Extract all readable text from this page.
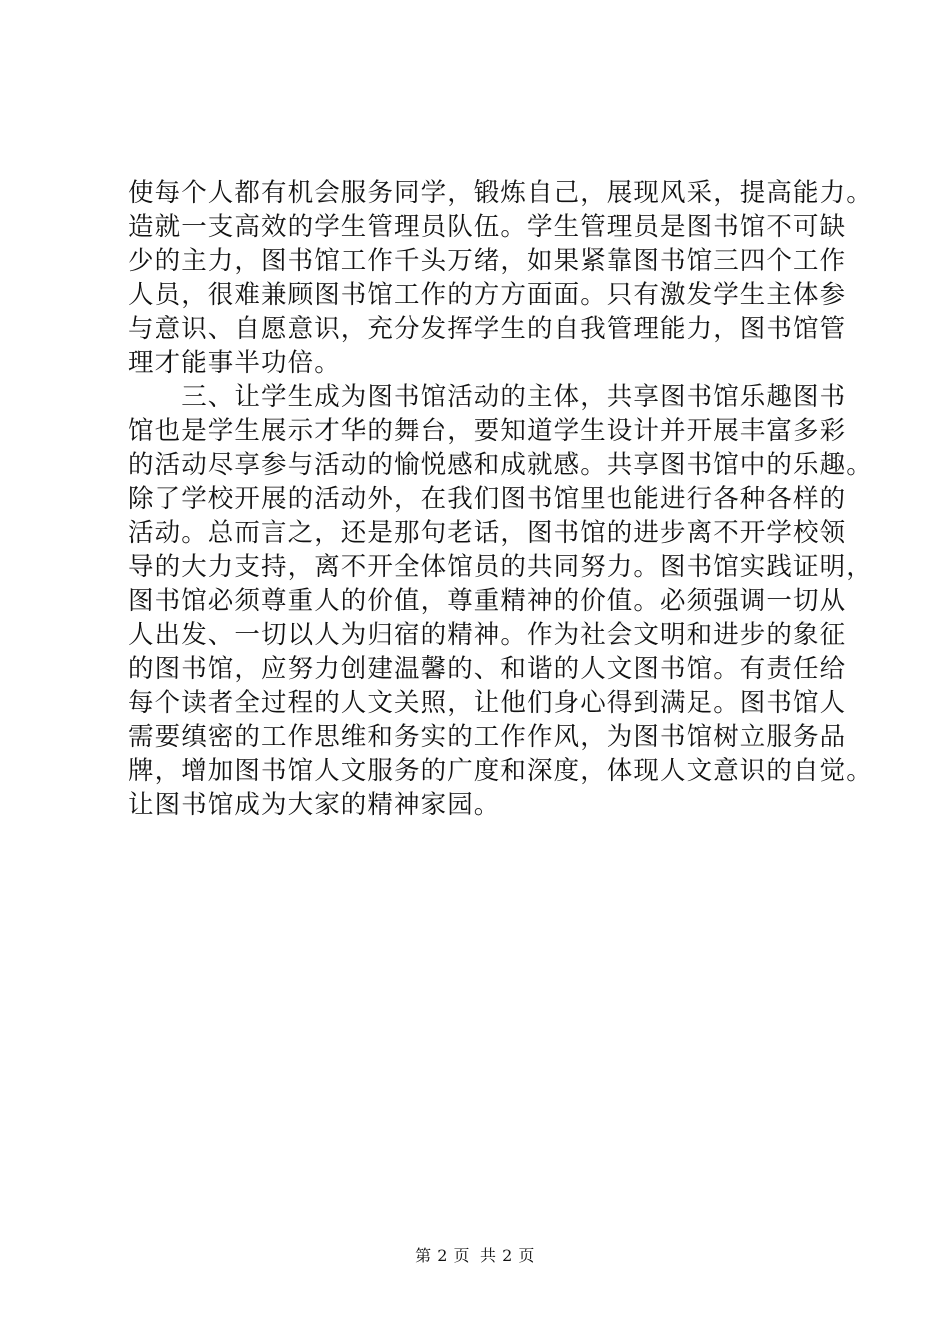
使每个人都有机会服务同学，锻炼自己，展现风采，提高能力。
造就一支高效的学生管理员队伍。学生管理员是图书馆不可缺
少的主力，图书馆工作千头万绪，如果紧靠图书馆三四个工作
人员，很难兼顾图书馆工作的方方面面。只有激发学生主体参
与意识、自愿意识，充分发挥学生的自我管理能力，图书馆管
理才能事半功倍。
　　三、让学生成为图书馆活动的主体，共享图书馆乐趣图书
馆也是学生展示才华的舞台，要知道学生设计并开展丰富多彩
的活动尽享参与活动的愉悦感和成就感。共享图书馆中的乐趣。
除了学校开展的活动外，在我们图书馆里也能进行各种各样的
活动。总而言之，还是那句老话，图书馆的进步离不开学校领
导的大力支持，离不开全体馆员的共同努力。图书馆实践证明，
图书馆必须尊重人的价值，尊重精神的价值。必须强调一切从
人出发、一切以人为归宿的精神。作为社会文明和进步的象征
的图书馆，应努力创建温馨的、和谐的人文图书馆。有责任给
每个读者全过程的人文关照，让他们身心得到满足。图书馆人
需要缜密的工作思维和务实的工作作风，为图书馆树立服务品
牌，增加图书馆人文服务的广度和深度，体现人文意识的自觉。
让图书馆成为大家的精神家园。
第 2 页 共 2 页
